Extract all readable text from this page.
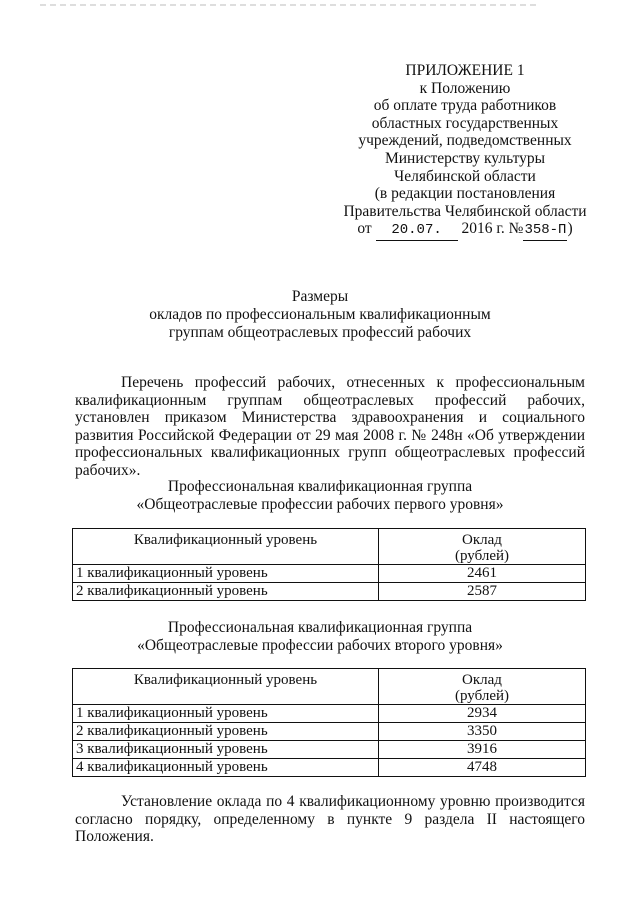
ПРИЛОЖЕНИЕ 1
к Положению
об оплате труда работников
областных государственных
учреждений, подведомственных
Министерству культуры
Челябинской области
(в редакции постановления
Правительства Челябинской области
от 20.07. 2016 г. №358-П)
Размеры
окладов по профессиональным квалификационным
группам общеотраслевых профессий рабочих

Перечень профессий рабочих, отнесенных к профессиональным квалификационным группам общеотраслевых профессий рабочих, установлен приказом Министерства здравоохранения и социального развития Российской Федерации от 29 мая 2008 г. № 248н «Об утверждении профессиональных квалификационных групп общеотраслевых профессий рабочих».

Профессиональная квалификационная группа
«Общеотраслевые профессии рабочих первого уровня»
Квалификационный уровень	Оклад
(рублей)

1 квалификационный уровень	2461
2 квалификационный уровень	2587
Профессиональная квалификационная группа
«Общеотраслевые профессии рабочих второго уровня»
Квалификационный уровень	Оклад
(рублей)

1 квалификационный уровень	2934
2 квалификационный уровень	3350
3 квалификационный уровень	3916
4 квалификационный уровень	4748

Установление оклада по 4 квалификационному уровню производится согласно порядку, определенному в пункте 9 раздела II настоящего Положения.
